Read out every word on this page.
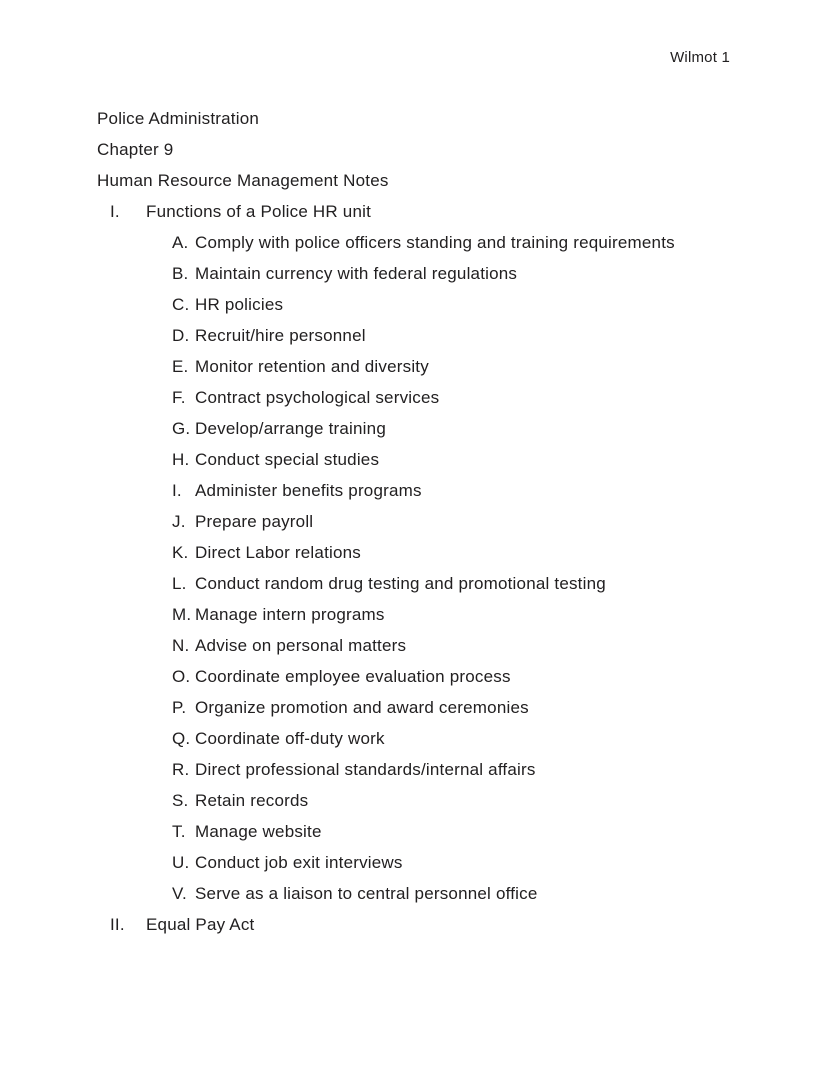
Wilmot 1
Police Administration
Chapter 9
Human Resource Management Notes
I.	Functions of a Police HR unit
A. Comply with police officers standing and training requirements
B. Maintain currency with federal regulations
C. HR policies
D. Recruit/hire personnel
E. Monitor retention and diversity
F. Contract psychological services
G. Develop/arrange training
H. Conduct special studies
I. Administer benefits programs
J. Prepare payroll
K. Direct Labor relations
L. Conduct random drug testing and promotional testing
M. Manage intern programs
N. Advise on personal matters
O. Coordinate employee evaluation process
P. Organize promotion and award ceremonies
Q. Coordinate off-duty work
R. Direct professional standards/internal affairs
S. Retain records
T. Manage website
U. Conduct job exit interviews
V. Serve as a liaison to central personnel office
II.	Equal Pay Act
